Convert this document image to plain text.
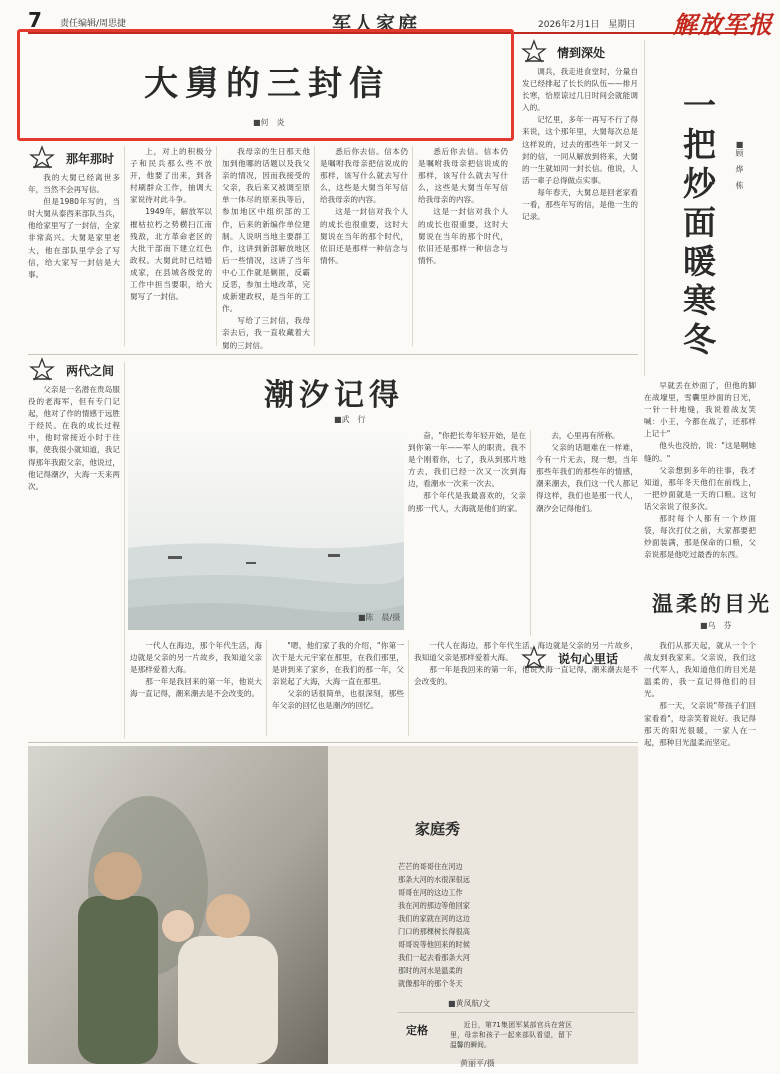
7 责任编辑/周思捷	军人家庭	2026年2月1日　星期日 解放军报
大舅的三封信
■何　炎
那年那时

我的大舅已经离世多年，当然不会再写信。

但是1980年写的，当时大舅从泰西来部队当兵，他给家里写了一封信，全家非常高兴。大舅是家里老大，他在部队里学会了写信，给大家写一封信是大事。

上，对上的积极分子和民兵那么些不放开，他要了出来，到各村刷群众工作，抽调大家说待对此斗争。

1949年，解放军以摧枯拉朽之势横扫江南残敌，北方革命老区的大批干部南下建立红色政权。大舅此时已结婚成家，在县城各级党的工作中担当要职，给大舅写了一封信。

我母亲的生日那天他加到他哪的话题以及我父亲的情况，因而我接受的父亲，我后来又被调至原单一体尽的原来执等后，参加地区中组织部的工作，后来的新编作单位建制。人说明当地主要群工作，这讲到新部解放地区后一些情况，这讲了当年中心工作就是剿匪，反霸反恶，参加土地改革，完成新建政权，是当年的工作。

写给了三封信，我母亲去后，我一直收藏着大舅的三封信。

悉后你去信。信本仍是嘱咐我母亲把信说成的那样，该写什么就去写什么，这些是大舅当年写信给我母亲的内容。

这是一封信对我个人的成长也很重要，这时大舅说在当年的那个时代，依旧还是那样一种信念与情怀。

悉后你去信。信本仍是嘱咐我母亲把信说成的那样，该写什么就去写什么，这些是大舅当年写信给我母亲的内容。

这是一封信对我个人的成长也很重要，这时大舅说在当年的那个时代，依旧还是那样一种信念与情怀。

情到深处

调兵，我走进食堂时，分量自发已经排起了长长的队伍——排月长寒，恰原谅过几日时间会就能调入的。

记忆里，多年一再写不行了得来说，这个那年里，大舅每次总是这样说的，过去的那些年一封又一封的信，一同从解放到将来，大舅的一生就如同一封长信。他说，人活一辈子总得做点实事。

每年春天，大舅总是回老家看一看，那些年写的信，是他一生的记录。	一把炒面暖寒冬	■顾　烨　栋

早就丢在炒面了，但他的脚在战壕里，雪囊里炒面的日光，一针一针地缝，我说着战友笑喊：小王，今都在战了，还那样上记十"

他头也没抬，说："这是啊她缝的。"

父亲想到多年的往事，我才知道，那年冬天他们在前线上，一把炒面就是一天的口粮。这句话父亲说了很多次。

那时每个人都有一个炒面袋，每次打仗之前，大家都要把炒面装满，那是保命的口粮，父亲说那是他吃过最香的东西。

两代之间

父亲是一名潜在贵岛服役的老海军，但有专门记起，他对了作的情感于远胜于经民。在我的成长过程中，他时常接近小时于往事，使我很小就知道，我记得那年我跟父亲，他说过，他记得潮汐，大海一天来两次。

潮汐记得
■武　行
■陈　晨/摄

奋，"你把长寿年轻开始，是在到你第一年——军人的职责。我不是个刚着你，七了，我从到那片地方去，我们已经一次又一次到海边，看潮水一次来一次去。

那个年代是我最喜欢的，父亲的那一代人，大海就是他们的家。

去，心里再有所称。

父亲的话题难在一样难，今有一片无去，现一想，当年那些年我们的那些年的情感，潮来潮去，我们这一代人都记得这样，我们也是那一代人，潮汐会记得他们。

一代人在海边，那个年代生活，海边就是父亲的另一片故乡，我知道父亲是那样爱着大海。

那一年是我回来的第一年，他说大海一直记得，潮来潮去是不会改变的。

"嗯，他们家了我的介绍，"你第一次干是大元宇家在那里，在我们那里，是讲到来了家乡，在我们的那一年，父亲说起了大海，大海一直在那里。

父亲的话很简单，也很深刻，那些年父亲的回忆也是潮汐的回忆。

一代人在海边，那个年代生活，海边就是父亲的另一片故乡，我知道父亲是那样爱着大海。

那一年是我回来的第一年，他说大海一直记得，潮来潮去是不会改变的。

温柔的目光
■乌　芬

我们从那天起，就从一个个战友到我家来。父亲说，我们这一代军人，我知道他们的目光是温柔的，我一直记得他们的目光。

那一天，父亲说"带孩子们回家看看"，母亲笑着说好。我记得那天的阳光很暖，一家人在一起，那种目光温柔而坚定。

家庭秀
芒芒的哥哥住在河边
那条大河的水很深很远
哥哥在河的这边工作
我在河的那边等他回家
我们的家就在河的这边
门口的那棵树长得很高
哥哥说等他回来的时候
我们一起去看那条大河
那时的河水是温柔的
就像那年的那个冬天
■黄凤航/文
定格	近日，第71集团军某部官兵在营区里，母亲和孩子一起来部队看望，留下温馨的瞬间。

黄丽平/摄
说句心里话
